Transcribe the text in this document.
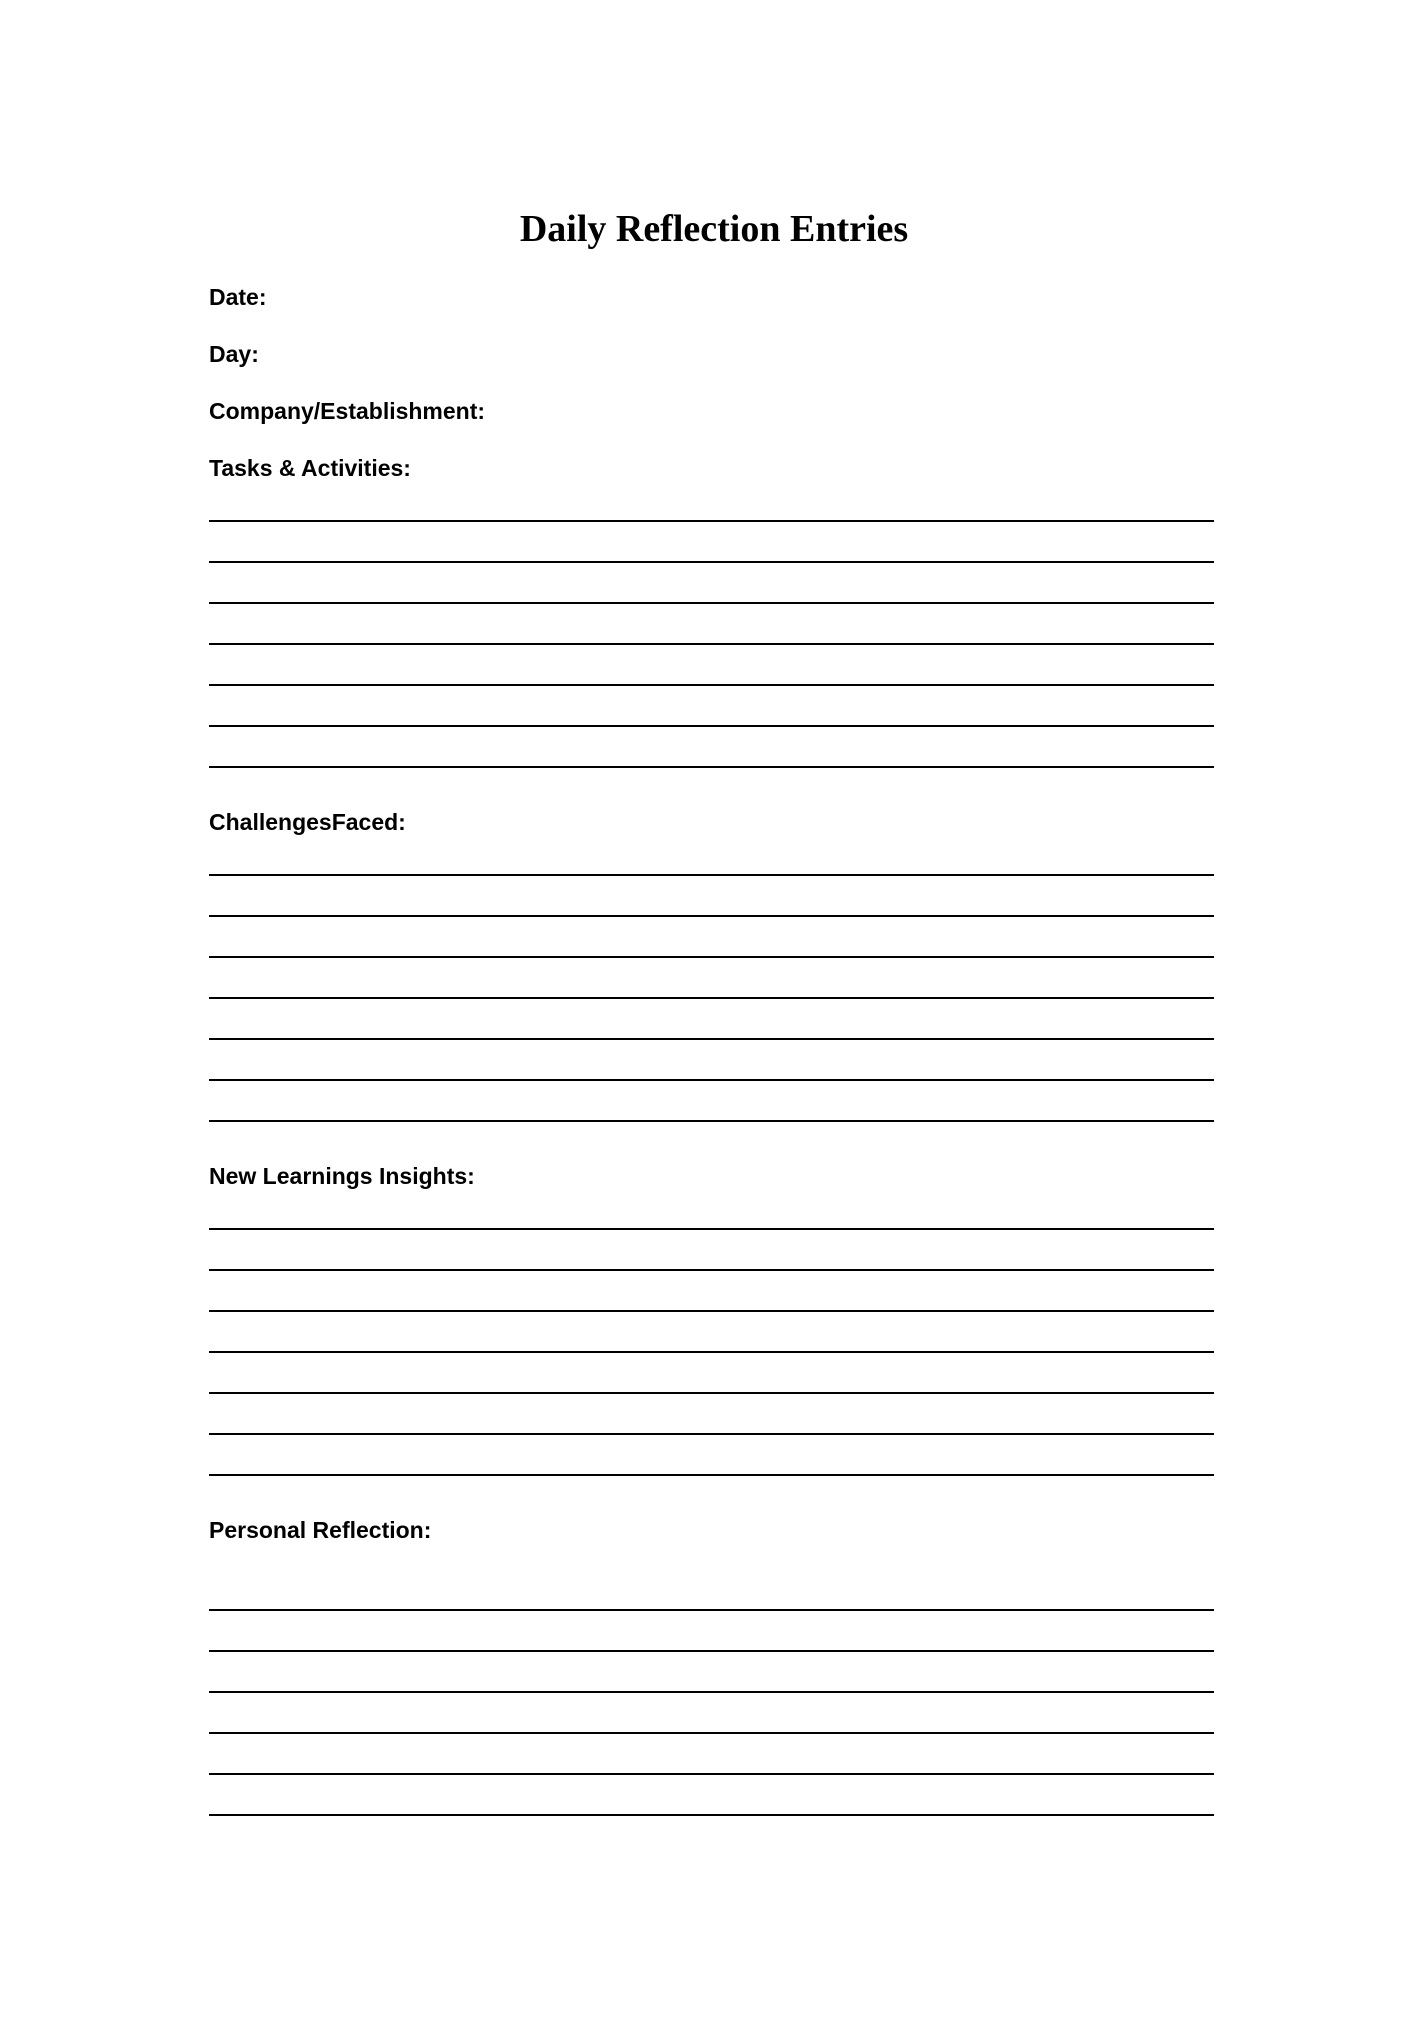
Daily Reflection Entries
Date:
Day:
Company/Establishment:
Tasks & Activities:
ChallengesFaced:
New Learnings Insights:
Personal Reflection:
